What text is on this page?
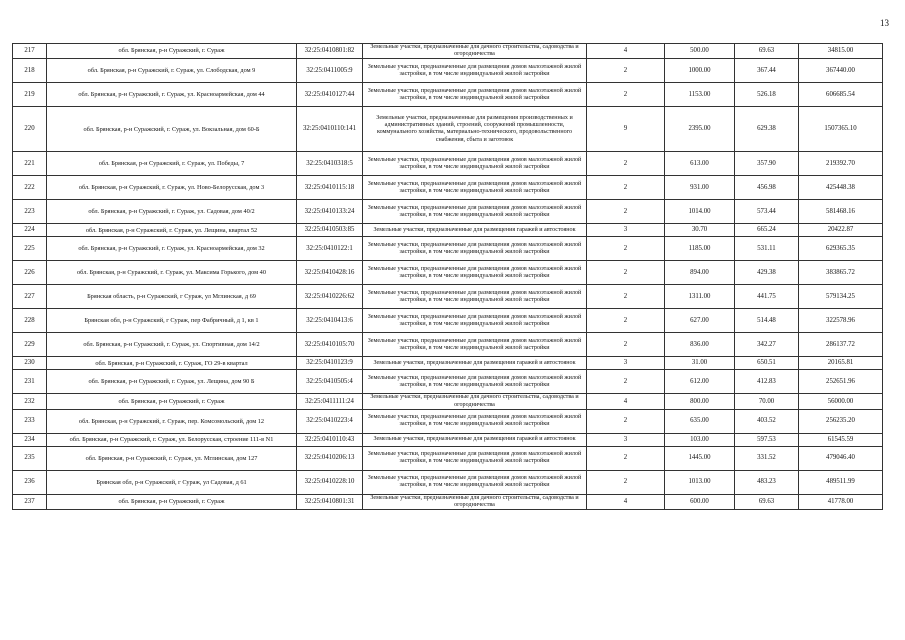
13
217	обл. Брянская, р-н Суражский, г. Сураж	32:25:0410801:82	Земельные участки, предназначенные для дачного строительства, садоводства и огородничества	4	500.00	69.63	34815.00
218	обл. Брянская, р-н Суражский, г. Сураж, ул. Слободская, дом 9	32:25:0411005:9	Земельные участки, предназначенные для размещения домов малоэтажной жилой застройки, в том числе индивидуальной жилой застройки	2	1000.00	367.44	367440.00
219	обл. Брянская, р-н Суражский, г. Сураж, ул. Красноармейская, дом 44	32:25:0410127:44	Земельные участки, предназначенные для размещения домов малоэтажной жилой застройки, в том числе индивидуальной жилой застройки	2	1153.00	526.18	606685.54
220	обл. Брянская, р-н Суражский, г. Сураж, ул. Вокзальная, дом 60-Б	32:25:0410110:141	Земельные участки, предназначенные для размещения производственных и административных зданий, строений, сооружений промышленности, коммунального хозяйства, материально-технического, продовольственного снабжения, сбыта и заготовок	9	2395.00	629.38	1507365.10
221	обл. Брянская, р-н Суражский, г. Сураж, ул. Победы, 7	32:25:0410318:5	Земельные участки, предназначенные для размещения домов малоэтажной жилой застройки, в том числе индивидуальной жилой застройки	2	613.00	357.90	219392.70
222	обл. Брянская, р-н Суражский, г. Сураж, ул. Ново-Белорусская, дом 3	32:25:0410115:18	Земельные участки, предназначенные для размещения домов малоэтажной жилой застройки, в том числе индивидуальной жилой застройки	2	931.00	456.98	425448.38
223	обл. Брянская, р-н Суражский, г. Сураж, ул. Садовая, дом 40/2	32:25:0410133:24	Земельные участки, предназначенные для размещения домов малоэтажной жилой застройки, в том числе индивидуальной жилой застройки	2	1014.00	573.44	581468.16
224	обл. Брянская, р-н Суражский, г. Сураж, ул. Лещина, квартал 52	32:25:0410503:85	Земельные участки, предназначенные для размещения гаражей и автостоянок	3	30.70	665.24	20422.87
225	обл. Брянская, р-н Суражский, г. Сураж, ул. Красноармейская, дом 32	32:25:0410122:1	Земельные участки, предназначенные для размещения домов малоэтажной жилой застройки, в том числе индивидуальной жилой застройки	2	1185.00	531.11	629365.35
226	обл. Брянская, р-н Суражский, г. Сураж, ул. Максима Горького, дом 40	32:25:0410428:16	Земельные участки, предназначенные для размещения домов малоэтажной жилой застройки, в том числе индивидуальной жилой застройки	2	894.00	429.38	383865.72
227	Брянская область, р-н Суражский, г Сураж, ул Мглинская, д 69	32:25:0410226:62	Земельные участки, предназначенные для размещения домов малоэтажной жилой застройки, в том числе индивидуальной жилой застройки	2	1311.00	441.75	579134.25
228	Брянская обл, р-н Суражский, г Сураж, пер Фабричный, д 1, кв 1	32:25:0410413:6	Земельные участки, предназначенные для размещения домов малоэтажной жилой застройки, в том числе индивидуальной жилой застройки	2	627.00	514.48	322578.96
229	обл. Брянская, р-н Суражский, г. Сураж, ул. Спортивная, дом 14/2	32:25:0410105:70	Земельные участки, предназначенные для размещения домов малоэтажной жилой застройки, в том числе индивидуальной жилой застройки	2	836.00	342.27	286137.72
230	обл. Брянская, р-н Суражский, г. Сураж, ГО 29-в квартал	32:25:0410123:9	Земельные участки, предназначенные для размещения гаражей и автостоянок	3	31.00	650.51	20165.81
231	обл. Брянская, р-н Суражский, г. Сураж, ул. Лещина, дом 90 Б	32:25:0410505:4	Земельные участки, предназначенные для размещения домов малоэтажной жилой застройки, в том числе индивидуальной жилой застройки	2	612.00	412.83	252651.96
232	обл. Брянская, р-н Суражский, г. Сураж	32:25:0411111:24	Земельные участки, предназначенные для дачного строительства, садоводства и огородничества	4	800.00	70.00	56000.00
233	обл. Брянская, р-н Суражский, г. Сураж, пер. Комсомольский, дом 12	32:25:0410223:4	Земельные участки, предназначенные для размещения домов малоэтажной жилой застройки, в том числе индивидуальной жилой застройки	2	635.00	403.52	256235.20
234	обл. Брянская, р-н Суражский, г. Сураж, ул. Белорусская, строение 111-в N1	32:25:0410110:43	Земельные участки, предназначенные для размещения гаражей и автостоянок	3	103.00	597.53	61545.59
235	обл. Брянская, р-н Суражский, г. Сураж, ул. Мглинская, дом 127	32:25:0410206:13	Земельные участки, предназначенные для размещения домов малоэтажной жилой застройки, в том числе индивидуальной жилой застройки	2	1445.00	331.52	479046.40
236	Брянская обл, р-н Суражский, г Сураж, ул Садовая, д 61	32:25:0410228:10	Земельные участки, предназначенные для размещения домов малоэтажной жилой застройки, в том числе индивидуальной жилой застройки	2	1013.00	483.23	489511.99
237	обл. Брянская, р-н Суражский, г. Сураж	32:25:0410801:31	Земельные участки, предназначенные для дачного строительства, садоводства и огородничества	4	600.00	69.63	41778.00
